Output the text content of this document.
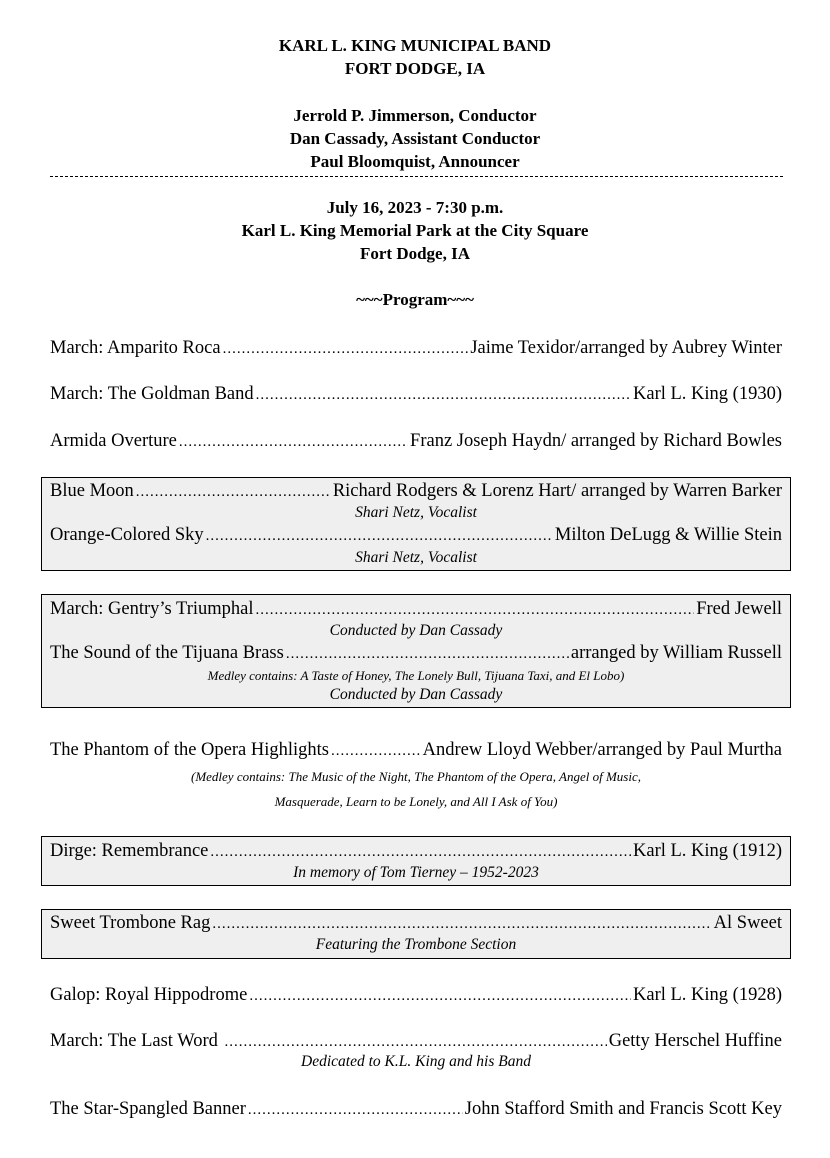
KARL L. KING MUNICIPAL BAND
FORT DODGE, IA
Jerrold P. Jimmerson, Conductor
Dan Cassady, Assistant Conductor
Paul Bloomquist, Announcer
July 16, 2023 - 7:30 p.m.
Karl L. King Memorial Park at the City Square
Fort Dodge, IA
~~~Program~~~
March: Amparito Roca .....	Jaime Texidor/arranged by Aubrey Winter
March: The Goldman Band .....	Karl L. King (1930)
Armida Overture .....	Franz Joseph Haydn/ arranged by Richard Bowles
Blue Moon .....	Richard Rodgers & Lorenz Hart/ arranged by Warren Barker
Shari Netz, Vocalist
Orange-Colored Sky .....	Milton DeLugg & Willie Stein
Shari Netz, Vocalist
March: Gentry’s Triumphal .....	Fred Jewell
Conducted by Dan Cassady
The Sound of the Tijuana Brass .....	arranged by William Russell
Medley contains: A Taste of Honey, The Lonely Bull, Tijuana Taxi, and El Lobo)
Conducted by Dan Cassady
The Phantom of the Opera Highlights .....	Andrew Lloyd Webber/arranged by Paul Murtha
(Medley contains: The Music of the Night, The Phantom of the Opera, Angel of Music,
Masquerade, Learn to be Lonely, and All I Ask of You)
Dirge: Remembrance .....	Karl L. King (1912)
In memory of Tom Tierney – 1952-2023
Sweet Trombone Rag .....	Al Sweet
Featuring the Trombone Section
Galop: Royal Hippodrome .....	Karl L. King (1928)
March: The Last Word .....	Getty Herschel Huffine
Dedicated to K.L. King and his Band
The Star-Spangled Banner .....	John Stafford Smith and Francis Scott Key
